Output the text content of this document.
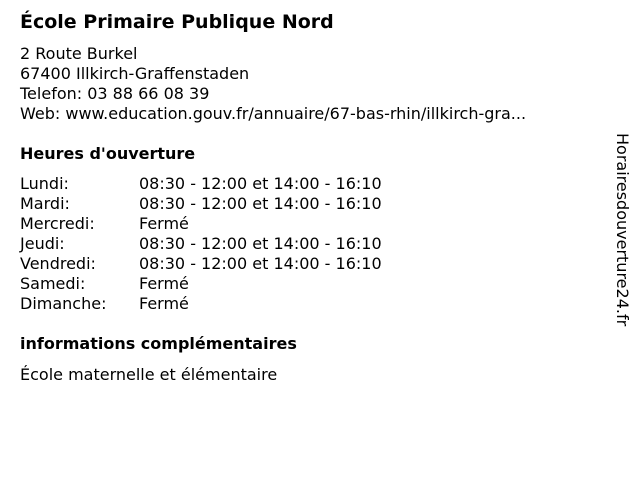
École Primaire Publique Nord
2 Route Burkel
67400 Illkirch-Graffenstaden
Telefon: 03 88 66 08 39
Web: www.education.gouv.fr/annuaire/67-bas-rhin/illkirch-gra...
Heures d'ouverture
Lundi:	08:30 - 12:00 et 14:00 - 16:10
Mardi:	08:30 - 12:00 et 14:00 - 16:10
Mercredi:	Fermé
Jeudi:	08:30 - 12:00 et 14:00 - 16:10
Vendredi:	08:30 - 12:00 et 14:00 - 16:10
Samedi:	Fermé
Dimanche:	Fermé
informations complémentaires
École maternelle et élémentaire
Horairesdouverture24.fr
